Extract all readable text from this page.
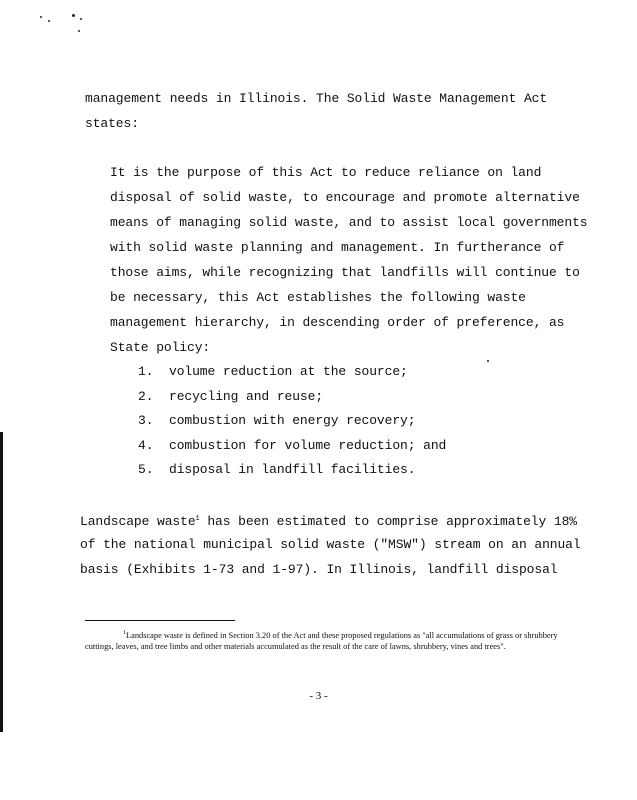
management needs in Illinois. The Solid Waste Management Act
states:
It is the purpose of this Act to reduce reliance on land
disposal of solid waste, to encourage and promote alternative
means of managing solid waste, and to assist local governments
with solid waste planning and management. In furtherance of
those aims, while recognizing that landfills will continue to
be necessary, this Act establishes the following waste
management hierarchy, in descending order of preference, as
State policy:
1. volume reduction at the source;
2. recycling and reuse;
3. combustion with energy recovery;
4. combustion for volume reduction; and
5. disposal in landfill facilities.
Landscape waste$^1$ has been estimated to comprise approximately 18%
of the national municipal solid waste ("MSW") stream on an annual
basis (Exhibits 1-73 and 1-97). In Illinois, landfill disposal
$^1$Landscape waste is defined in Section 3.20 of the Act and these proposed regulations as "all accumulations of grass or shrubbery cuttings, leaves, and tree limbs and other materials accumulated as the result of the care of lawns, shrubbery, vines and trees".
- 3 -
